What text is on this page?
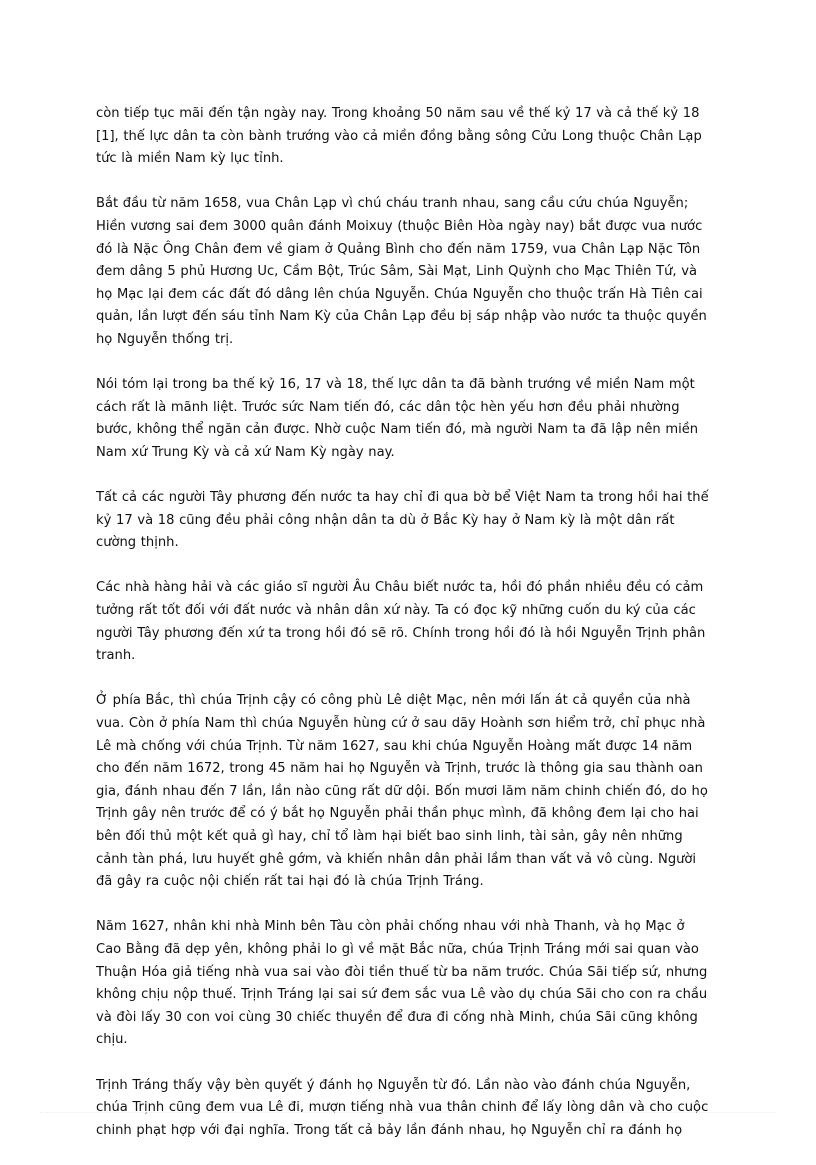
còn tiếp tục mãi đến tận ngày nay. Trong khoảng 50 năm sau về thế kỷ 17 và cả thế kỷ 18
[1], thế lực dân ta còn bành trướng vào cả miền đồng bằng sông Cửu Long thuộc Chân Lạp
tức là miền Nam kỳ lục tỉnh.

Bắt đầu từ năm 1658, vua Chân Lạp vì chú cháu tranh nhau, sang cầu cứu chúa Nguyễn;
Hiền vương sai đem 3000 quân đánh Moixuy (thuộc Biên Hòa ngày nay) bắt được vua nước
đó là Nặc Ông Chân đem về giam ở Quảng Bình cho đến năm 1759, vua Chân Lạp Nặc Tôn
đem dâng 5 phủ Hương Uc, Cầm Bột, Trúc Sâm, Sài Mạt, Linh Quỳnh cho Mạc Thiên Tứ, và
họ Mạc lại đem các đất đó dâng lên chúa Nguyễn. Chúa Nguyễn cho thuộc trấn Hà Tiên cai
quản, lần lượt đến sáu tỉnh Nam Kỳ của Chân Lạp đều bị sáp nhập vào nước ta thuộc quyền
họ Nguyễn thống trị.

Nói tóm lại trong ba thế kỷ 16, 17 và 18, thế lực dân ta đã bành trướng về miền Nam một
cách rất là mãnh liệt. Trước sức Nam tiến đó, các dân tộc hèn yếu hơn đều phải nhường
bước, không thể ngăn cản được. Nhờ cuộc Nam tiến đó, mà người Nam ta đã lập nên miền
Nam xứ Trung Kỳ và cả xứ Nam Kỳ ngày nay.

Tất cả các người Tây phương đến nước ta hay chỉ đi qua bờ bể Việt Nam ta trong hồi hai thế
kỷ 17 và 18 cũng đều phải công nhận dân ta dù ở Bắc Kỳ hay ở Nam kỳ là một dân rất
cường thịnh.

Các nhà hàng hải và các giáo sĩ người Âu Châu biết nước ta, hồi đó phần nhiều đều có cảm
tưởng rất tốt đối với đất nước và nhân dân xứ này. Ta có đọc kỹ những cuốn du ký của các
người Tây phương đến xứ ta trong hồi đó sẽ rõ. Chính trong hồi đó là hồi Nguyễn Trịnh phân
tranh.

Ở phía Bắc, thì chúa Trịnh cậy có công phù Lê diệt Mạc, nên mới lấn át cả quyền của nhà
vua. Còn ở phía Nam thì chúa Nguyễn hùng cứ ở sau dãy Hoành sơn hiểm trở, chỉ phục nhà
Lê mà chống với chúa Trịnh. Từ năm 1627, sau khi chúa Nguyễn Hoàng mất được 14 năm
cho đến năm 1672, trong 45 năm hai họ Nguyễn và Trịnh, trước là thông gia sau thành oan
gia, đánh nhau đến 7 lần, lần nào cũng rất dữ dội. Bốn mươi lăm năm chinh chiến đó, do họ
Trịnh gây nên trước để có ý bắt họ Nguyễn phải thần phục mình, đã không đem lại cho hai
bên đối thủ một kết quả gì hay, chỉ tổ làm hại biết bao sinh linh, tài sản, gây nên những
cảnh tàn phá, lưu huyết ghê gớm, và khiến nhân dân phải lầm than vất vả vô cùng. Người
đã gây ra cuộc nội chiến rất tai hại đó là chúa Trịnh Tráng.

Năm 1627, nhân khi nhà Minh bên Tàu còn phải chống nhau với nhà Thanh, và họ Mạc ở
Cao Bằng đã dẹp yên, không phải lo gì về mặt Bắc nữa, chúa Trịnh Tráng mới sai quan vào
Thuận Hóa giả tiếng nhà vua sai vào đòi tiền thuế từ ba năm trước. Chúa Sãi tiếp sứ, nhưng
không chịu nộp thuế. Trịnh Tráng lại sai sứ đem sắc vua Lê vào dụ chúa Sãi cho con ra chầu
và đòi lấy 30 con voi cùng 30 chiếc thuyền để đưa đi cống nhà Minh, chúa Sãi cũng không
chịu.

Trịnh Tráng thấy vậy bèn quyết ý đánh họ Nguyễn từ đó. Lần nào vào đánh chúa Nguyễn,
chúa Trịnh cũng đem vua Lê đi, mượn tiếng nhà vua thân chinh để lấy lòng dân và cho cuộc
chinh phạt hợp với đại nghĩa. Trong tất cả bảy lần đánh nhau, họ Nguyễn chỉ ra đánh họ
